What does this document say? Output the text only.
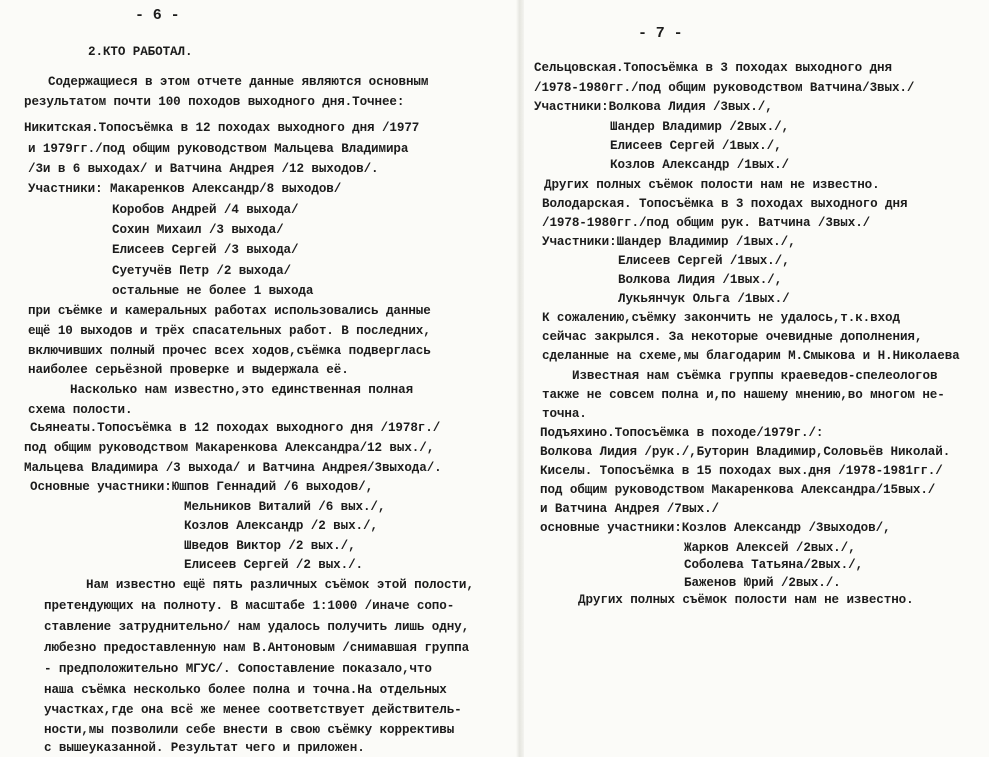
- 6 -
2.КТО РАБОТАЛ.
Содержащиеся в этом отчете данные являются основным
результатом почти 100 походов выходного дня.Точнее:
Никитская.Топосъёмка в 12 походах выходного дня /1977
и 1979гг./под общим руководством Мальцева Владимира
/3и в 6 выходах/ и Ватчина Андрея /12 выходов/.
Участники: Макаренков Александр/8 выходов/
Коробов Андрей /4 выхода/
Сохин Михаил /3 выхода/
Елисеев Сергей /3 выхода/
Суетучёв Петр /2 выхода/
остальные не более 1 выхода
при съёмке и камеральных работах использовались данные
ещё 10 выходов и трёх спасательных работ. В последних,
включивших полный прочес всех ходов,съёмка подверглась
наиболее серьёзной проверке и выдержала её.
Насколько нам известно,это единственная полная
схема полости.
Сьянеаты.Топосъёмка в 12 походах выходного дня /1978г./
под общим руководством Макаренкова Александра/12 вых./,
Мальцева Владимира /3 выхода/ и Ватчина Андрея/3выхода/.
Основные участники:Юшпов Геннадий /6 выходов/,
Мельников Виталий /6 вых./,
Козлов Александр /2 вых./,
Шведов Виктор /2 вых./,
Елисеев Сергей /2 вых./.
Нам известно ещё пять различных съёмок этой полости,
претендующих на полноту. В масштабе 1:1000 /иначе сопо-
ставление затруднительно/ нам удалось получить лишь одну,
любезно предоставленную нам В.Антоновым /снимавшая группа
- предположительно МГУС/. Сопоставление показало,что
наша съёмка несколько более полна и точна.На отдельных
участках,где она всё же менее соответствует действитель-
ности,мы позволили себе внести в свою съёмку коррективы
с вышеуказанной. Результат чего и приложен.
- 7 -
Сельцовская.Топосъёмка в 3 походах выходного дня
/1978-1980гг./под общим руководством Ватчина/3вых./
Участники:Волкова Лидия /3вых./,
Шандер Владимир /2вых./,
Елисеев Сергей /1вых./,
Козлов Александр /1вых./
Других полных съёмок полости нам не известно.
Володарская. Топосъёмка в 3 походах выходного дня
/1978-1980гг./под общим рук. Ватчина /3вых./
Участники:Шандер Владимир /1вых./,
Елисеев Сергей /1вых./,
Волкова Лидия /1вых./,
Лукьянчук Ольга /1вых./
К сожалению,съёмку закончить не удалось,т.к.вход
сейчас закрылся. За некоторые очевидные дополнения,
сделанные на схеме,мы благодарим М.Смыкова и Н.Николаева
Известная нам съёмка группы краеведов-спелеологов
также не совсем полна и,по нашему мнению,во многом не-
точна.
Подъяхино.Топосъёмка в походе/1979г./:
Волкова Лидия /рук./,Буторин Владимир,Соловьёв Николай.
Киселы. Топосъёмка в 15 походах вых.дня /1978-1981гг./
под общим руководством Макаренкова Александра/15вых./
и Ватчина Андрея /7вых./
основные участники:Козлов Александр /3выходов/,
Жарков Алексей /2вых./,
Соболева Татьяна/2вых./,
Баженов Юрий /2вых./.
Других полных съёмок полости нам не известно.
